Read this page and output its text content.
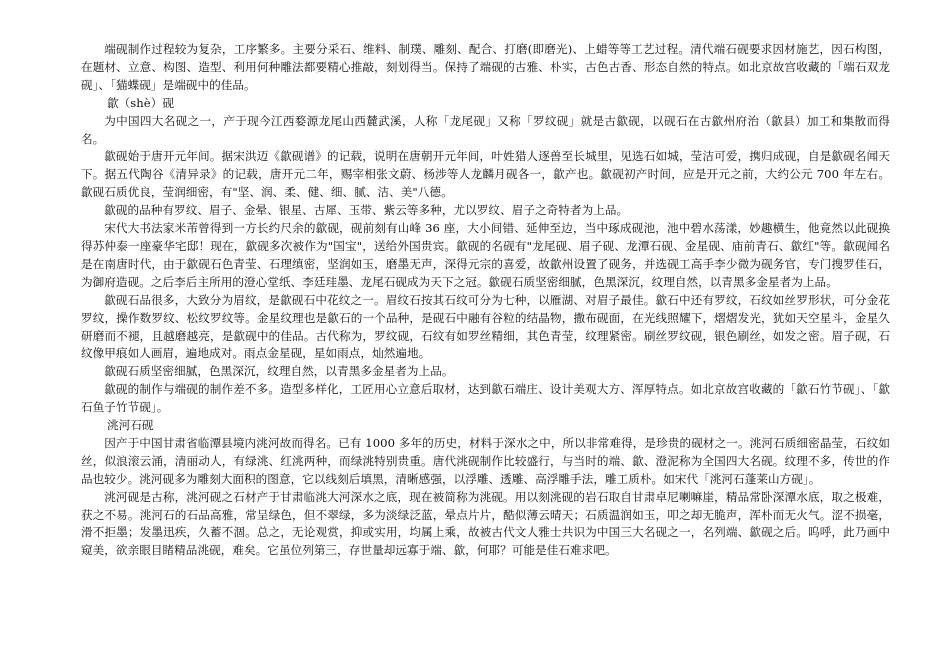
端砚制作过程较为复杂，工序繁多。主要分采石、维料、制璞、雕刻、配合、打磨(即磨光)、上蜡等等工艺过程。清代端石砚要求因材施艺，因石构图，在题材、立意、构图、造型、利用何种雕法都要精心推敲，刻划得当。保持了端砚的古雅、朴实，古色古香、形态自然的特点。如北京故宫收藏的「端石双龙砚」、「猫蝶砚」是端砚中的佳品。

歙（shè）砚

为中国四大名砚之一，产于现今江西婺源龙尾山西麓武溪，人称「龙尾砚」又称「罗纹砚」就是古歙砚，以砚石在古歙州府治（歙县）加工和集散而得名。

歙砚始于唐开元年间。据宋洪迈《歙砚谱》的记载，说明在唐朝开元年间，叶姓猎人逐兽至长城里，见选石如城，莹洁可爱，携归成砚，自是歙砚名闻天下。据五代陶谷《清异录》的记载，唐开元二年，赐宰相张文蔚、杨涉等人龙麟月砚各一，歙产也。歙砚初产时间，应是开元之前，大约公元 700 年左右。歙砚石质优良，莹润细密，有"坚、润、柔、健、细、腻、洁、美"八德。

歙砚的品种有罗纹、眉子、金晕、银星、古犀、玉带、紫云等多种，尤以罗纹、眉子之奇特者为上品。

宋代大书法家米芾曾得到一方长约尺余的歙砚，砚前刻有山峰 36 座，大小间错、延伸至边，当中琢成砚池，池中碧水荡漾，妙趣横生，他竟然以此砚换得苏仲泰一座豪华宅邸！现在，歙砚多次被作为"国宝"，送给外国贵宾。歙砚的名砚有"龙尾砚、眉子砚、龙潭石砚、金星砚、庙前青石、歙红"等。歙砚闻名是在南唐时代，由于歙砚石色青莹、石理缜密，坚润如玉，磨墨无声，深得元宗的喜爱，故歙州设置了砚务，并选砚工高手李少微为砚务官，专门搜罗佳石，为御府造砚。之后李后主所用的澄心堂纸、李廷珪墨、龙尾石砚成为天下之冠。歙砚石质坚密细腻，色黑深沉，纹理自然，以青黑多金星者为上品。

歙砚石品很多，大致分为眉纹，是歙砚石中花纹之一。眉纹石按其石纹可分为七种，以雁湖、对眉子最佳。歙石中还有罗纹，石纹如丝罗形状，可分金花罗纹，操作数罗纹、松纹罗纹等。金星纹理也是歙石的一个品种，是砚石中融有谷粒的结晶物，撒布砚面，在光线照耀下，熠熠发光，犹如天空星斗，金星久研磨而不褪，且越磨越亮，是歙砚中的佳品。古代称为，罗纹砚，石纹有如罗丝精细，其色青莹，纹理紧密。刷丝罗纹砚，银色刷丝，如发之密。眉子砚，石纹像甲痕如人画眉，遍地成对。雨点金星砚，星如雨点，灿然遍地。

歙砚石质坚密细腻，色黑深沉，纹理自然，以青黑多金星者为上品。

歙砚的制作与端砚的制作差不多。造型多样化，工匠用心立意后取材，达到歙石端庄、设计美观大方、浑厚特点。如北京故宫收藏的「歙石竹节砚」、「歙石鱼子竹节砚」。

洮河石砚

因产于中国甘肃省临潭县境内洮河故而得名。已有 1000 多年的历史，材料于深水之中，所以非常难得，是珍贵的砚材之一。洮河石质细密晶莹，石纹如丝，似浪滚云涌，清丽动人，有绿洮、红洮两种，而绿洮特别贵重。唐代洮砚制作比较盛行，与当时的端、歙、澄泥称为全国四大名砚。纹理不多，传世的作品也较少。洮河砚多为雕刻大面积的图意，它以线刻后填黑，清晰感强，以浮雕、透雕、高浮雕手法，雕工质朴。如宋代「洮河石蓬莱山方砚」。

洮河砚是古称，洮河砚之石材产于甘肃临洮大河深水之底，现在被简称为洮砚。用以刻洮砚的岩石取自甘肃卓尼喇嘛崖，精品常卧深潭水底，取之极难，获之不易。洮河石的石品高雅，常呈绿色，但不翠绿，多为淡绿泛蓝，晕点片片，酷似薄云晴天；石质温润如玉，叩之却无脆声，浑朴而无火气。涩不损毫，滑不拒墨；发墨迅疾，久蓄不涸。总之，无论观赏，抑或实用，均属上乘，故被古代文人雅士共识为中国三大名砚之一，名列端、歙砚之后。呜呼，此乃画中窥美，欲亲眼目睹精品洮砚，难矣。它虽位列第三，存世量却远寡于端、歙，何耶？可能是佳石难求吧。
